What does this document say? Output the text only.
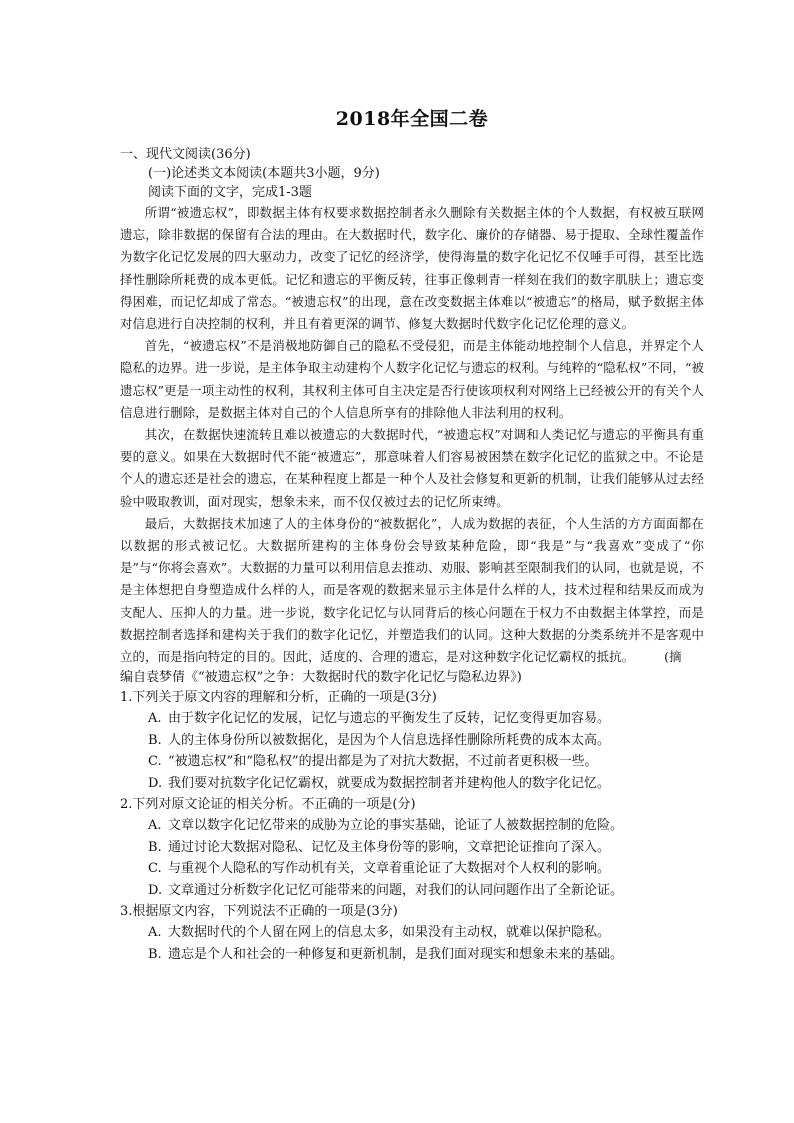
2018年全国二卷
一、现代文阅读(36分)
(一)论述类文本阅读(本题共3小题，9分)
阅读下面的文字，完成1-3题

所谓“被遗忘权”，即数据主体有权要求数据控制者永久删除有关数据主体的个人数据，有权被互联网遗忘，除非数据的保留有合法的理由。在大数据时代，数字化、廉价的存储器、易于提取、全球性覆盖作为数字化记忆发展的四大驱动力，改变了记忆的经济学，使得海量的数字化记忆不仅唾手可得，甚至比选择性删除所耗费的成本更低。记忆和遗忘的平衡反转，往事正像刺青一样刻在我们的数字肌肤上；遗忘变得困难，而记忆却成了常态。“被遗忘权”的出现，意在改变数据主体难以“被遗忘”的格局，赋予数据主体对信息进行自决控制的权利，并且有着更深的调节、修复大数据时代数字化记忆伦理的意义。

首先，“被遗忘权”不是消极地防御自己的隐私不受侵犯，而是主体能动地控制个人信息，并界定个人隐私的边界。进一步说，是主体争取主动建构个人数字化记忆与遗忘的权利。与纯粹的“隐私权”不同，“被遗忘权”更是一项主动性的权利，其权利主体可自主决定是否行使该项权利对网络上已经被公开的有关个人信息进行删除，是数据主体对自己的个人信息所享有的排除他人非法利用的权利。

其次，在数据快速流转且难以被遗忘的大数据时代，“被遗忘权”对调和人类记忆与遗忘的平衡具有重要的意义。如果在大数据时代不能“被遗忘”，那意味着人们容易被困禁在数字化记忆的监狱之中。不论是个人的遗忘还是社会的遗忘，在某种程度上都是一种个人及社会修复和更新的机制，让我们能够从过去经验中吸取教训，面对现实，想象未来，而不仅仅被过去的记忆所束缚。

最后，大数据技术加速了人的主体身份的“被数据化”，人成为数据的表征，个人生活的方方面面都在以数据的形式被记忆。大数据所建构的主体身份会导致某种危险，即“我是”与“我喜欢”变成了“你是”与“你将会喜欢”。大数据的力量可以利用信息去推动、劝服、影响甚至限制我们的认同，也就是说，不是主体想把自身塑造成什么样的人，而是客观的数据来显示主体是什么样的人，技术过程和结果反而成为支配人、压抑人的力量。进一步说，数字化记忆与认同背后的核心问题在于权力不由数据主体掌控，而是数据控制者选择和建构关于我们的数字化记忆，并塑造我们的认同。这种大数据的分类系统并不是客观中立的，而是指向特定的目的。因此，适度的、合理的遗忘，是对这种数字化记忆霸权的抵抗。 (摘

编自袁梦倩《“被遗忘权”之争：大数据时代的数字化记忆与隐私边界》)
1.下列关于原文内容的理解和分析，正确的一项是(3分)
A. 由于数字化记忆的发展，记忆与遗忘的平衡发生了反转，记忆变得更加容易。
B. 人的主体身份所以被数据化，是因为个人信息选择性删除所耗费的成本太高。
C. “被遗忘权”和“隐私权”的提出都是为了对抗大数据，不过前者更积极一些。
D. 我们要对抗数字化记忆霸权，就要成为数据控制者并建构他人的数字化记忆。
2.下列对原文论证的相关分析。不正确的一项是(分)
A. 文章以数字化记忆带来的成胁为立论的事实基础，论证了人被数据控制的危险。
B. 通过讨论大数据对隐私、记忆及主体身份等的影响，文章把论证推向了深入。
C. 与重视个人隐私的写作动机有关，文章着重论证了大数据对个人权利的影响。
D. 文章通过分析数字化记忆可能带来的问题，对我们的认同问题作出了全新论证。
3.根据原文内容，下列说法不正确的一项是(3分)
A. 大数据时代的个人留在网上的信息太多，如果没有主动权，就难以保护隐私。
B. 遗忘是个人和社会的一种修复和更新机制，是我们面对现实和想象未来的基础。
